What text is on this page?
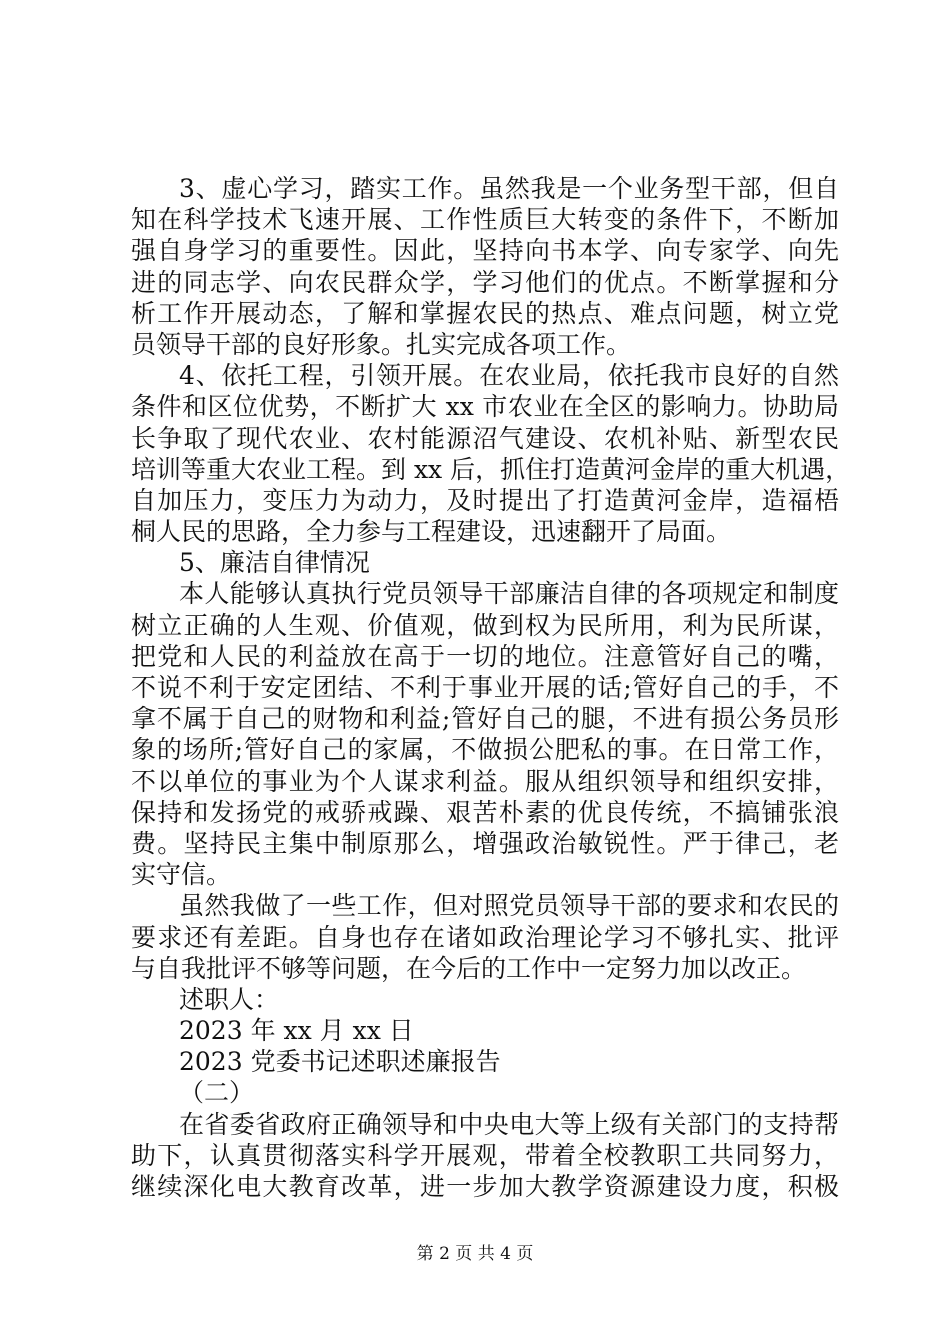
3、虚心学习，踏实工作。虽然我是一个业务型干部，但自
知在科学技术飞速开展、工作性质巨大转变的条件下，不断加
强自身学习的重要性。因此，坚持向书本学、向专家学、向先
进的同志学、向农民群众学，学习他们的优点。不断掌握和分
析工作开展动态，了解和掌握农民的热点、难点问题，树立党
员领导干部的良好形象。扎实完成各项工作。
4、依托工程，引领开展。在农业局，依托我市良好的自然
条件和区位优势，不断扩大 xx 市农业在全区的影响力。协助局
长争取了现代农业、农村能源沼气建设、农机补贴、新型农民
培训等重大农业工程。到 xx 后，抓住打造黄河金岸的重大机遇，
自加压力，变压力为动力，及时提出了打造黄河金岸，造福梧
桐人民的思路，全力参与工程建设，迅速翻开了局面。
5、廉洁自律情况
本人能够认真执行党员领导干部廉洁自律的各项规定和制度
树立正确的人生观、价值观，做到权为民所用，利为民所谋，
把党和人民的利益放在高于一切的地位。注意管好自己的嘴，
不说不利于安定团结、不利于事业开展的话;管好自己的手，不
拿不属于自己的财物和利益;管好自己的腿，不进有损公务员形
象的场所;管好自己的家属，不做损公肥私的事。在日常工作，
不以单位的事业为个人谋求利益。服从组织领导和组织安排，
保持和发扬党的戒骄戒躁、艰苦朴素的优良传统，不搞铺张浪
费。坚持民主集中制原那么，增强政治敏锐性。严于律己，老
实守信。
虽然我做了一些工作，但对照党员领导干部的要求和农民的
要求还有差距。自身也存在诸如政治理论学习不够扎实、批评
与自我批评不够等问题，在今后的工作中一定努力加以改正。
述职人：
2023 年 xx 月 xx 日
2023 党委书记述职述廉报告
（二）
在省委省政府正确领导和中央电大等上级有关部门的支持帮
助下，认真贯彻落实科学开展观，带着全校教职工共同努力，
继续深化电大教育改革，进一步加大教学资源建设力度，积极
第 2 页 共 4 页
